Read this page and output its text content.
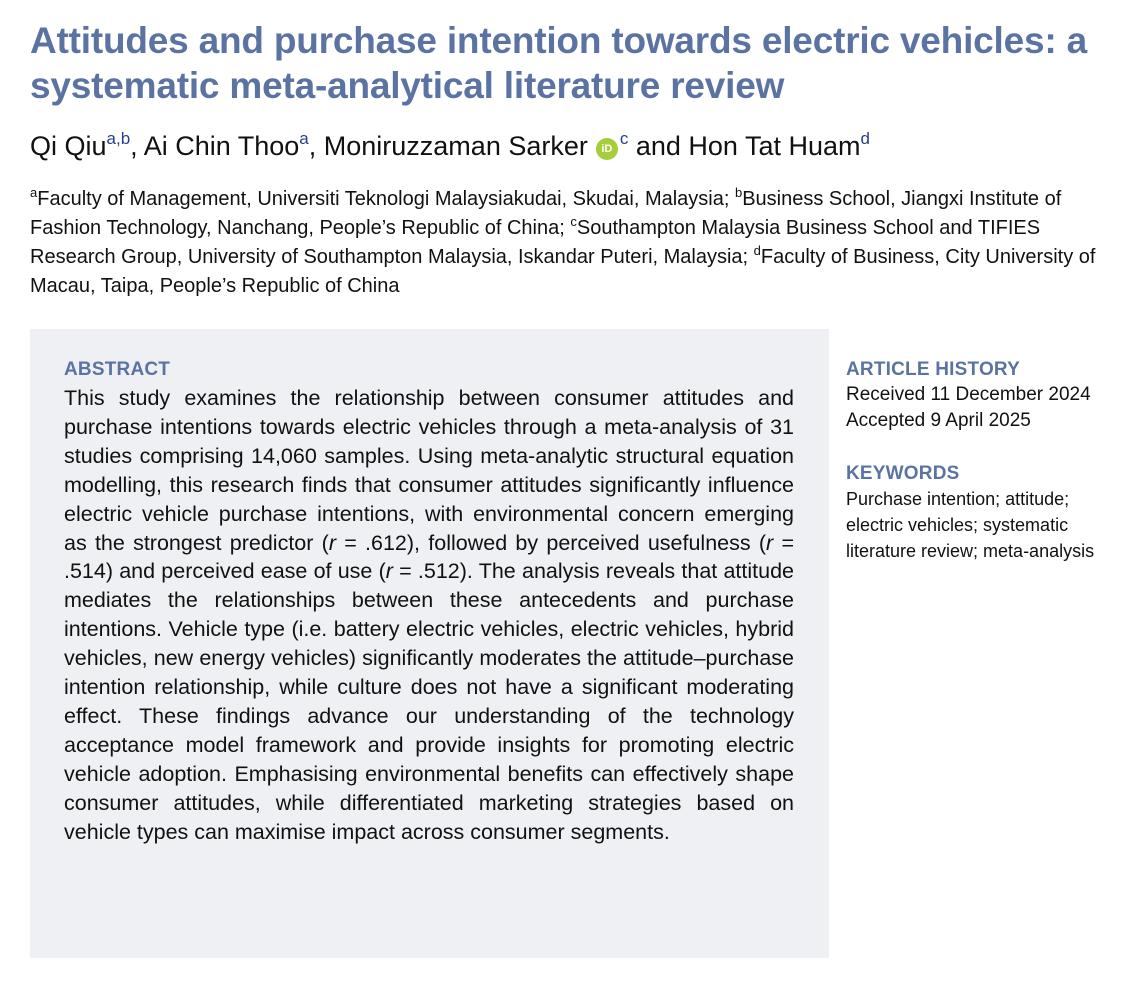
Attitudes and purchase intention towards electric vehicles: a systematic meta-analytical literature review
Qi Qiu$^{a,b}$, Ai Chin Thoo$^a$, Moniruzzaman Sarker $iD^c$ and Hon Tat Huam$^d$
$^a$Faculty of Management, Universiti Teknologi Malaysiakudai, Skudai, Malaysia; $^b$Business School, Jiangxi Institute of Fashion Technology, Nanchang, People’s Republic of China; $^c$Southampton Malaysia Business School and TIFIES Research Group, University of Southampton Malaysia, Iskandar Puteri, Malaysia; $^d$Faculty of Business, City University of Macau, Taipa, People’s Republic of China
ABSTRACT

This study examines the relationship between consumer attitudes and purchase intentions towards electric vehicles through a meta-analysis of 31 studies comprising 14,060 samples. Using meta-analytic structural equation modelling, this research finds that consumer attitudes significantly influence electric vehicle purchase intentions, with environmental concern emerging as the strongest predictor (r = .612), followed by perceived usefulness (r = .514) and perceived ease of use (r = .512). The analysis reveals that attitude mediates the relationships between these antecedents and purchase intentions. Vehicle type (i.e. battery electric vehicles, electric vehicles, hybrid vehicles, new energy vehicles) significantly moderates the attitude–purchase intention relationship, while culture does not have a significant moderating effect. These findings advance our understanding of the technology acceptance model framework and provide insights for promoting electric vehicle adoption. Emphasising environmental benefits can effectively shape consumer attitudes, while differentiated marketing strategies based on vehicle types can maximise impact across consumer segments.

ARTICLE HISTORY
Received 11 December 2024
Accepted 9 April 2025
KEYWORDS
Purchase intention; attitude; electric vehicles; systematic literature review; meta-analysis
